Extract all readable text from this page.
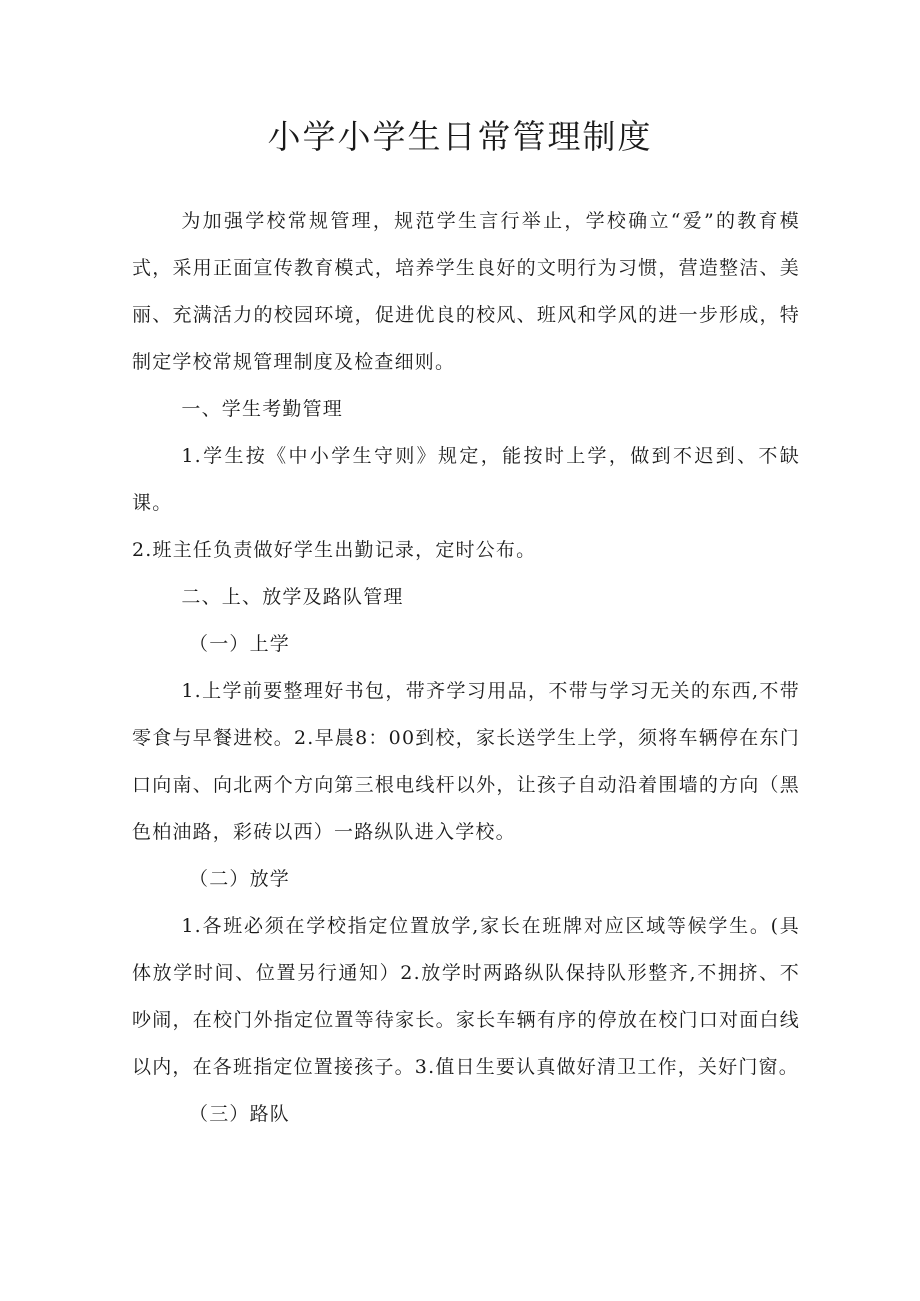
小学小学生日常管理制度

为加强学校常规管理，规范学生言行举止，学校确立“爱”的教育模式，采用正面宣传教育模式，培养学生良好的文明行为习惯，营造整洁、美丽、充满活力的校园环境，促进优良的校风、班风和学风的进一步形成，特制定学校常规管理制度及检查细则。

一、学生考勤管理

1.学生按《中小学生守则》规定，能按时上学，做到不迟到、不缺课。

2.班主任负责做好学生出勤记录，定时公布。

二、上、放学及路队管理

（一）上学

1.上学前要整理好书包，带齐学习用品，不带与学习无关的东西,不带零食与早餐进校。2.早晨8：00到校，家长送学生上学，须将车辆停在东门口向南、向北两个方向第三根电线杆以外，让孩子自动沿着围墙的方向（黑色柏油路，彩砖以西）一路纵队进入学校。

（二）放学

1.各班必须在学校指定位置放学,家长在班牌对应区域等候学生。(具体放学时间、位置另行通知）2.放学时两路纵队保持队形整齐,不拥挤、不吵闹，在校门外指定位置等待家长。家长车辆有序的停放在校门口对面白线以内，在各班指定位置接孩子。3.值日生要认真做好清卫工作，关好门窗。

（三）路队
